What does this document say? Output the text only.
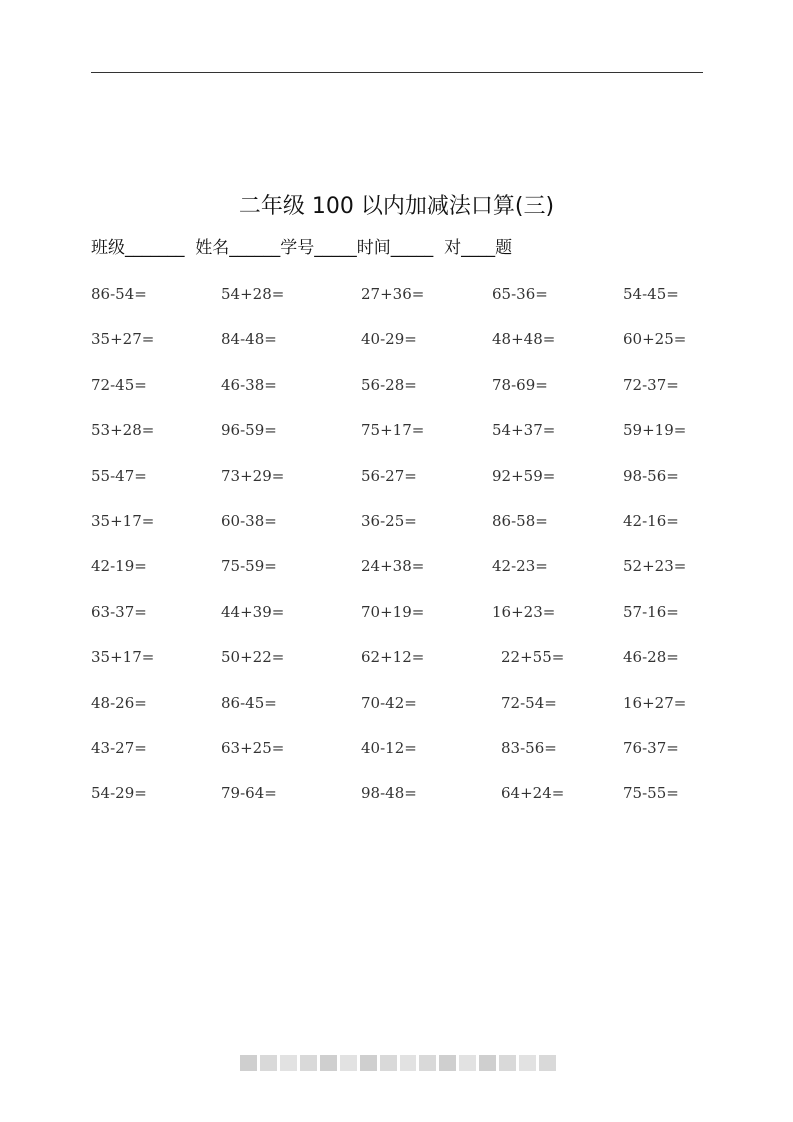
二年级 100 以内加减法口算(三)
班级_______  姓名______学号_____时间_____  对____题
86-54=	54+28=	27+36=	65-36=	54-45=
35+27=	84-48=	40-29=	48+48=	60+25=
72-45=	46-38=	56-28=	78-69=	72-37=
53+28=	96-59=	75+17=	54+37=	59+19=
55-47=	73+29=	56-27=	92+59=	98-56=
35+17=	60-38=	36-25=	86-58=	42-16=
42-19=	75-59=	24+38=	42-23=	52+23=
63-37=	44+39=	70+19=	16+23=	57-16=
35+17=	50+22=	62+12=	22+55=	46-28=
48-26=	86-45=	70-42=	72-54=	16+27=
43-27=	63+25=	40-12=	83-56=	76-37=
54-29=	79-64=	98-48=	64+24=	75-55=
